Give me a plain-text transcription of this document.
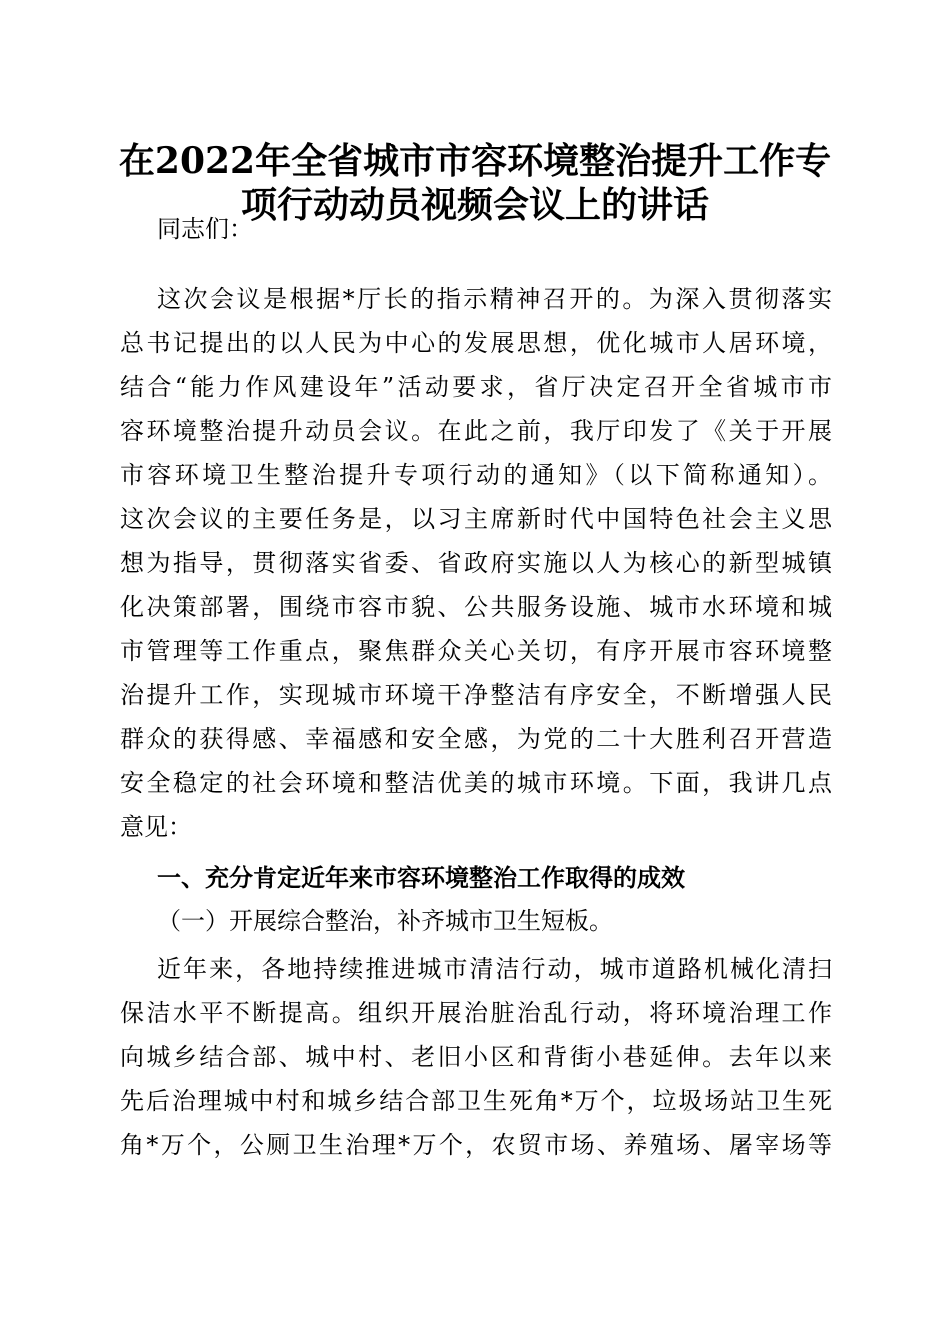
在2022年全省城市市容环境整治提升工作专
项行动动员视频会议上的讲话
同志们：
这次会议是根据*厅长的指示精神召开的。为深入贯彻落实
总书记提出的以人民为中心的发展思想，优化城市人居环境，
结合“能力作风建设年”活动要求，省厅决定召开全省城市市
容环境整治提升动员会议。在此之前，我厅印发了《关于开展
市容环境卫生整治提升专项行动的通知》（以下简称通知）。
这次会议的主要任务是，以习主席新时代中国特色社会主义思
想为指导，贯彻落实省委、省政府实施以人为核心的新型城镇
化决策部署，围绕市容市貌、公共服务设施、城市水环境和城
市管理等工作重点，聚焦群众关心关切，有序开展市容环境整
治提升工作，实现城市环境干净整洁有序安全，不断增强人民
群众的获得感、幸福感和安全感，为党的二十大胜利召开营造
安全稳定的社会环境和整洁优美的城市环境。下面，我讲几点
意见：
一、充分肯定近年来市容环境整治工作取得的成效
（一）开展综合整治，补齐城市卫生短板。
近年来，各地持续推进城市清洁行动，城市道路机械化清扫
保洁水平不断提高。组织开展治脏治乱行动，将环境治理工作
向城乡结合部、城中村、老旧小区和背街小巷延伸。去年以来
先后治理城中村和城乡结合部卫生死角*万个，垃圾场站卫生死
角*万个，公厕卫生治理*万个，农贸市场、养殖场、屠宰场等
